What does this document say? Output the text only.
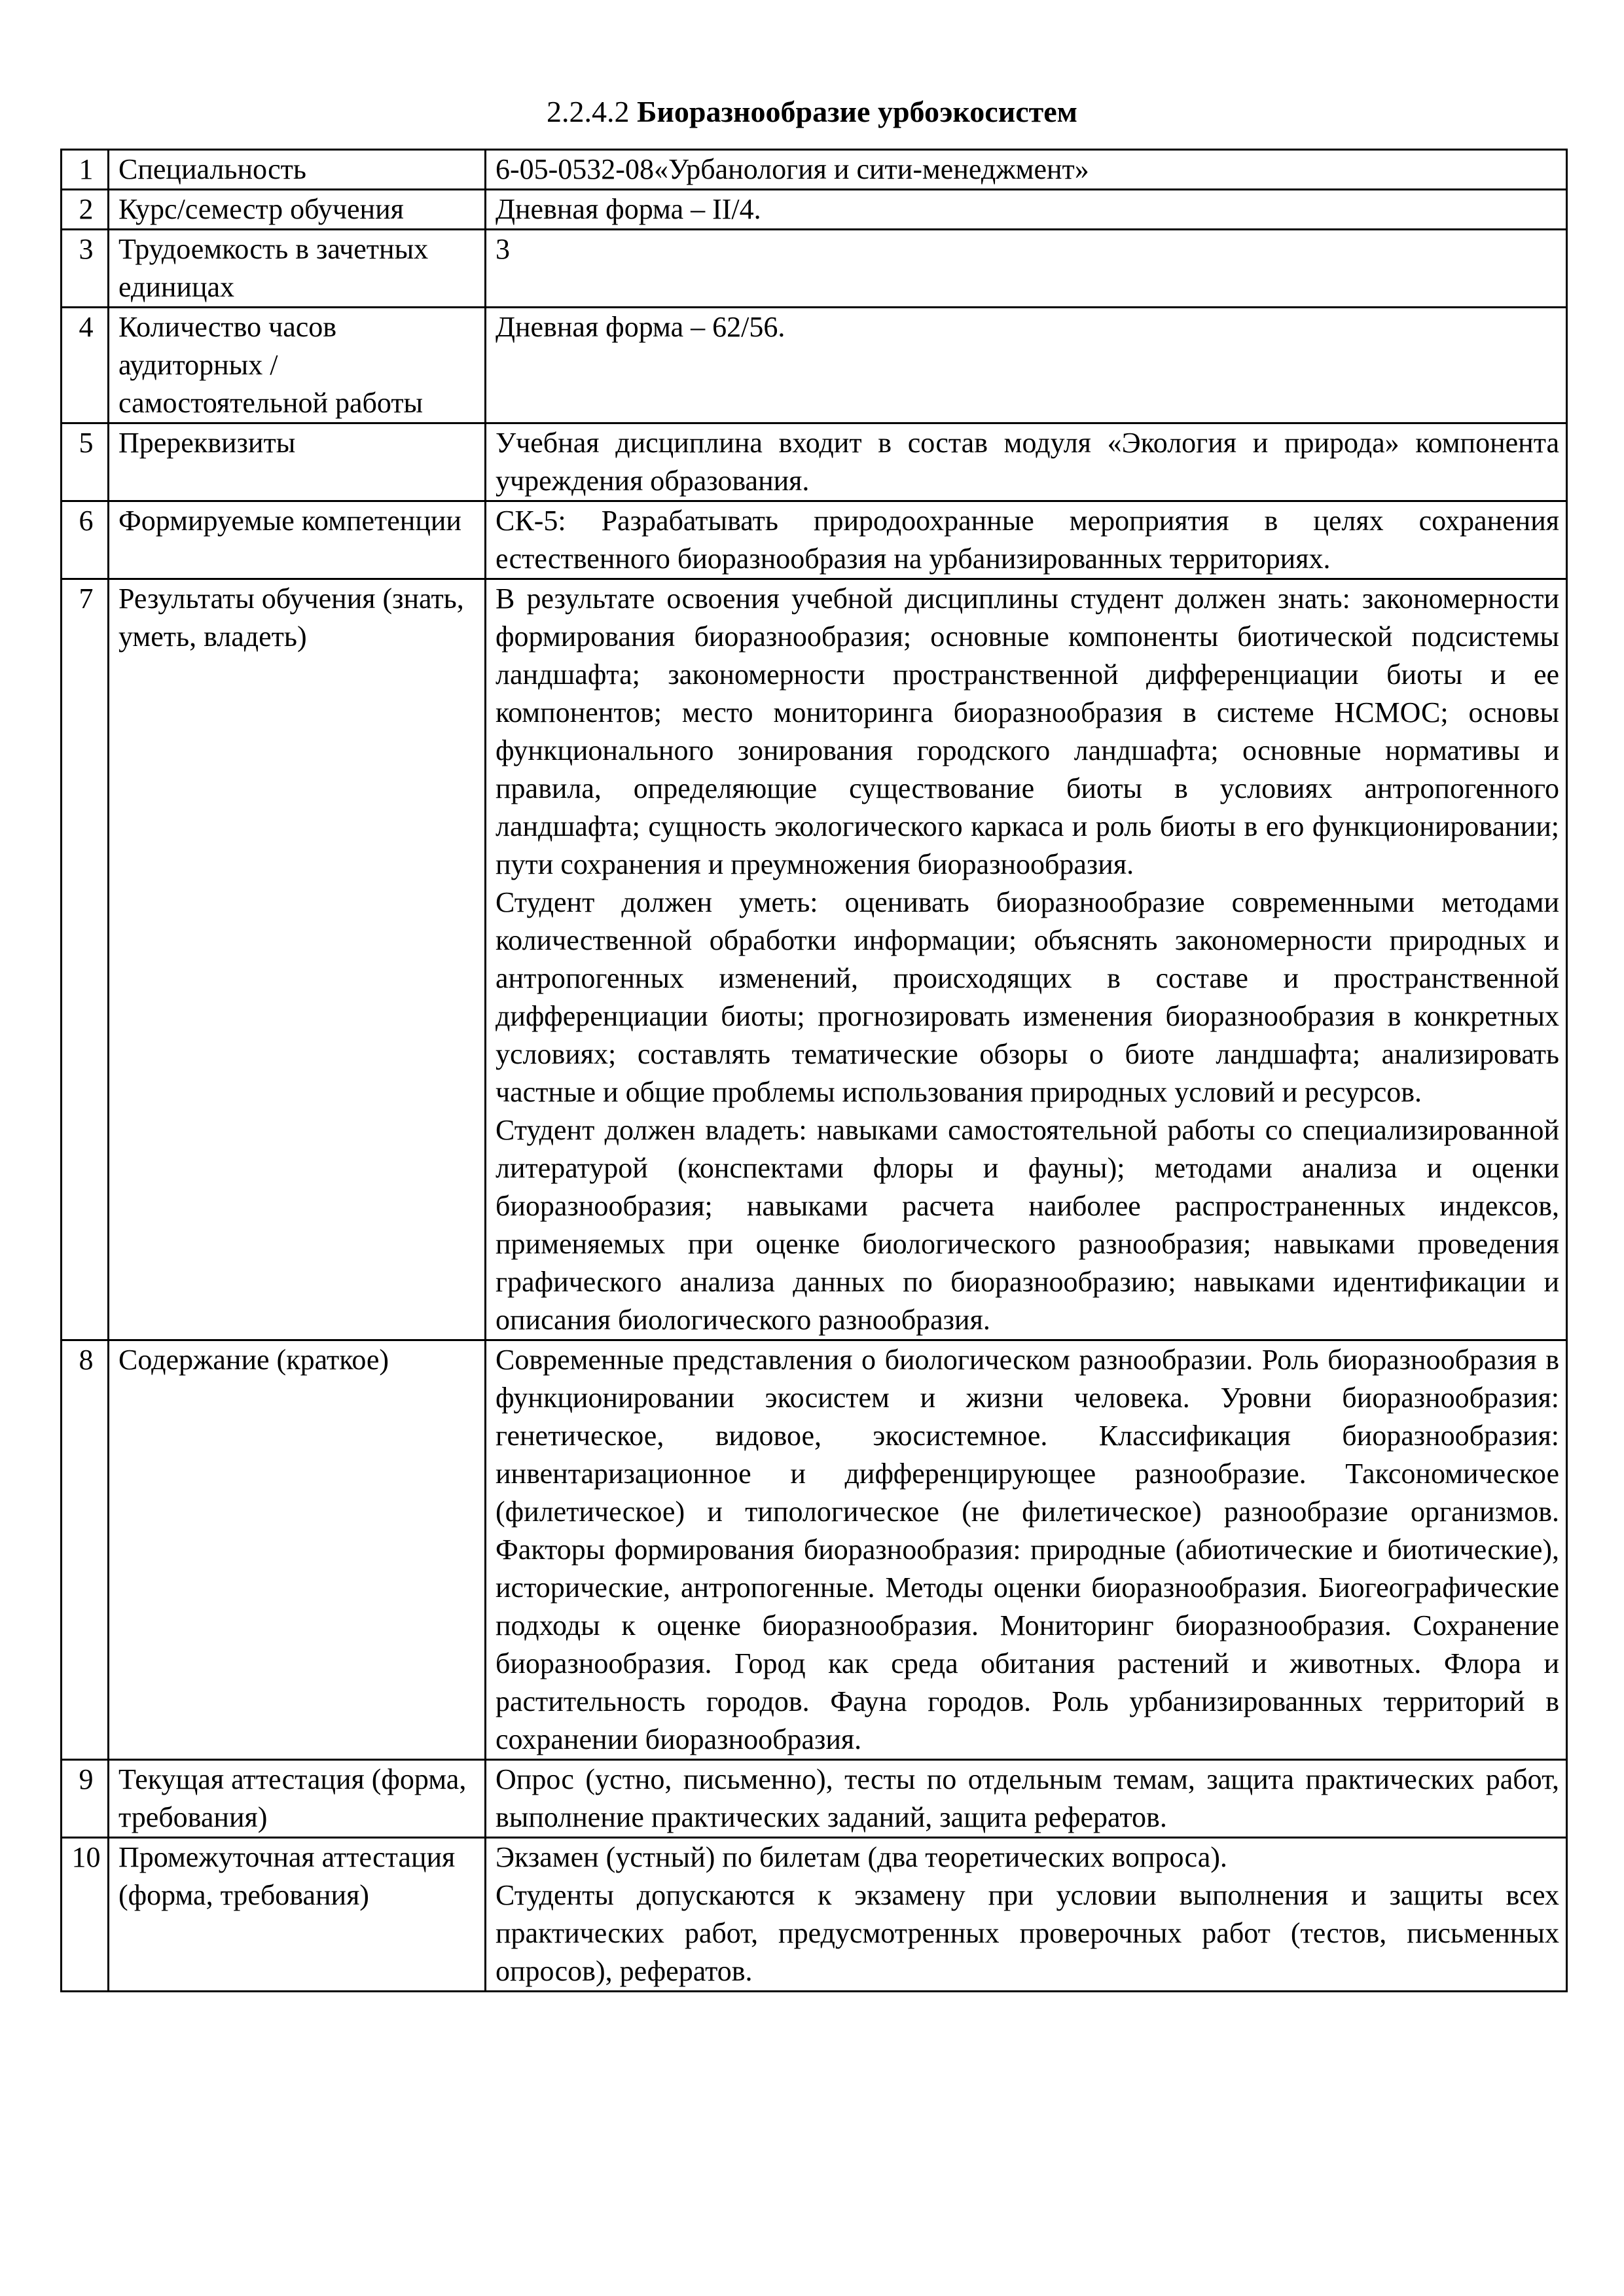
2.2.4.2 Биоразнообразие урбоэкосистем
1	Специальность	6-05-0532-08«Урбанология и сити-менеджмент»

2	Курс/семестр обучения	Дневная форма – II/4.

3	Трудоемкость в зачетных единицах	3

4	Количество часов аудиторных / самостоятельной работы	Дневная форма – 62/56.

5	Пререквизиты	Учебная дисциплина входит в состав модуля «Экология и природа» компонента учреждения образования.

6	Формируемые компетенции	СК-5: Разрабатывать природоохранные мероприятия в целях сохранения естественного биоразнообразия на урбанизированных территориях.

7	Результаты обучения (знать, уметь, владеть)	В результате освоения учебной дисциплины студент должен знать: закономерности формирования биоразнообразия; основные компоненты биотической подсистемы ландшафта; закономерности пространственной дифференциации биоты и ее компонентов; место мониторинга биоразнообразия в системе НСМОС; основы функционального зонирования городского ландшафта; основные нормативы и правила, определяющие существование биоты в условиях антропогенного ландшафта; сущность экологического каркаса и роль биоты в его функционировании; пути сохранения и преумножения биоразнообразия.

Студент должен уметь: оценивать биоразнообразие современными методами количественной обработки информации; объяснять закономерности природных и антропогенных изменений, происходящих в составе и пространственной дифференциации биоты; прогнозировать изменения биоразнообразия в конкретных условиях; составлять тематические обзоры о биоте ландшафта; анализировать частные и общие проблемы использования природных условий и ресурсов.

Студент должен владеть: навыками самостоятельной работы со специализированной литературой (конспектами флоры и фауны); методами анализа и оценки биоразнообразия; навыками расчета наиболее распространенных индексов, применяемых при оценке биологического разнообразия; навыками проведения графического анализа данных по биоразнообразию; навыками идентификации и описания биологического разнообразия.

8	Содержание (краткое)	Современные представления о биологическом разнообразии. Роль биоразнообразия в функционировании экосистем и жизни человека. Уровни биоразнообразия: генетическое, видовое, экосистемное. Классификация биоразнообразия: инвентаризационное и дифференцирующее разнообразие. Таксономическое (филетическое) и типологическое (не филетическое) разнообразие организмов. Факторы формирования биоразнообразия: природные (абиотические и биотические), исторические, антропогенные. Методы оценки биоразнообразия. Биогеографические подходы к оценке биоразнообразия. Мониторинг биоразнообразия. Сохранение биоразнообразия. Город как среда обитания растений и животных. Флора и растительность городов. Фауна городов. Роль урбанизированных территорий в сохранении биоразнообразия.

9	Текущая аттестация (форма, требования)	Опрос (устно, письменно), тесты по отдельным темам, защита практических работ, выполнение практических заданий, защита рефератов.

10	Промежуточная аттестация (форма, требования)	Экзамен (устный) по билетам (два теоретических вопроса).

Студенты допускаются к экзамену при условии выполнения и защиты всех практических работ, предусмотренных проверочных работ (тестов, письменных опросов), рефератов.
